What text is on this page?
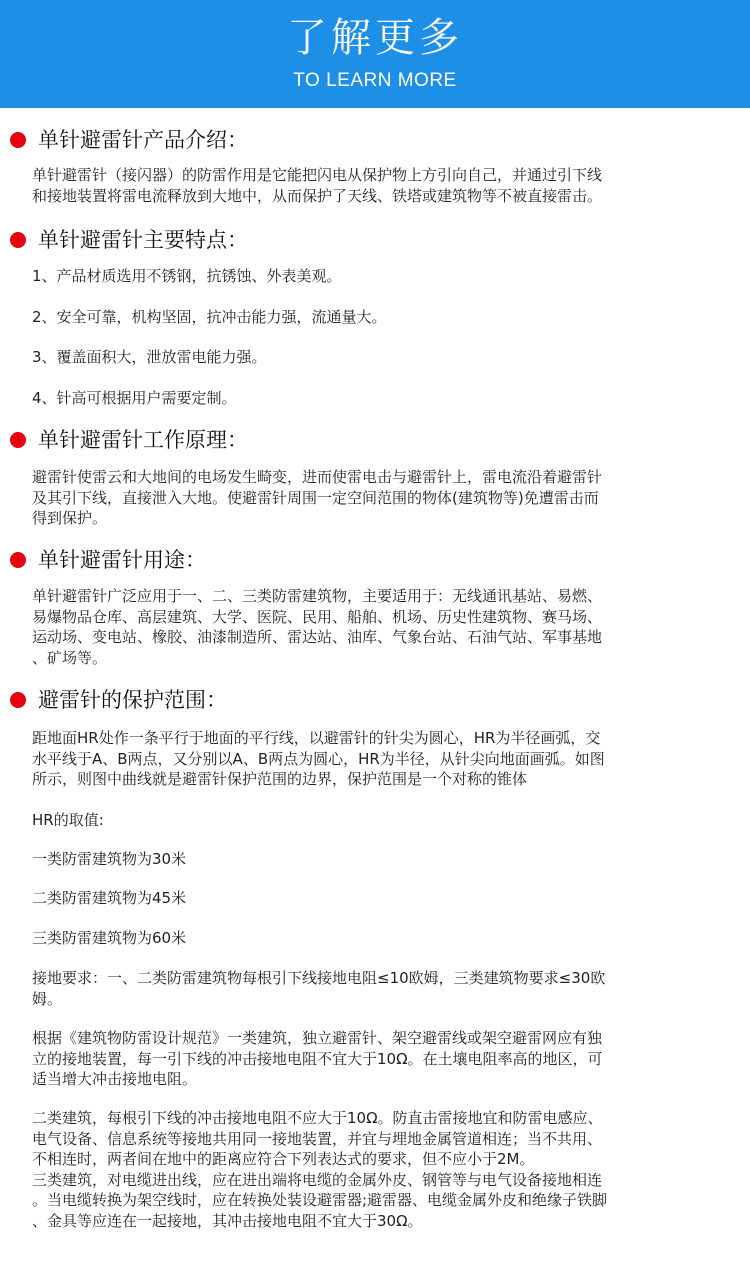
了解更多
TO LEARN MORE
单针避雷针产品介绍：

单针避雷针（接闪器）的防雷作用是它能把闪电从保护物上方引向自己，并通过引下线
和接地装置将雷电流释放到大地中，从而保护了天线、铁塔或建筑物等不被直接雷击。

单针避雷针主要特点：

1、产品材质选用不锈钢，抗锈蚀、外表美观。

2、安全可靠，机构坚固，抗冲击能力强，流通量大。

3、覆盖面积大，泄放雷电能力强。

4、针高可根据用户需要定制。

单针避雷针工作原理：

避雷针使雷云和大地间的电场发生畸变，进而使雷电击与避雷针上，雷电流沿着避雷针
及其引下线，直接泄入大地。使避雷针周围一定空间范围的物体(建筑物等)免遭雷击而
得到保护。

单针避雷针用途：

单针避雷针广泛应用于一、二、三类防雷建筑物，主要适用于：无线通讯基站、易燃、
易爆物品仓库、高层建筑、大学、医院、民用、船舶、机场、历史性建筑物、赛马场、
运动场、变电站、橡胶、油漆制造所、雷达站、油库、气象台站、石油气站、军事基地
、矿场等。

避雷针的保护范围：

距地面HR处作一条平行于地面的平行线，以避雷针的针尖为圆心，HR为半径画弧，交
水平线于A、B两点，又分别以A、B两点为圆心，HR为半径，从针尖向地面画弧。如图
所示，则图中曲线就是避雷针保护范围的边界，保护范围是一个对称的锥体

HR的取值:

一类防雷建筑物为30米

二类防雷建筑物为45米

三类防雷建筑物为60米

接地要求：一、二类防雷建筑物每根引下线接地电阻≤10欧姆，三类建筑物要求≤30欧
姆。

根据《建筑物防雷设计规范》一类建筑，独立避雷针、架空避雷线或架空避雷网应有独
立的接地装置，每一引下线的冲击接地电阻不宜大于10Ω。在土壤电阻率高的地区，可
适当增大冲击接地电阻。

二类建筑，每根引下线的冲击接地电阻不应大于10Ω。防直击雷接地宜和防雷电感应、
电气设备、信息系统等接地共用同一接地装置，并宜与埋地金属管道相连；当不共用、
不相连时，两者间在地中的距离应符合下列表达式的要求，但不应小于2M。
三类建筑，对电缆进出线，应在进出端将电缆的金属外皮、钢管等与电气设备接地相连
。当电缆转换为架空线时，应在转换处装设避雷器;避雷器、电缆金属外皮和绝缘子铁脚
、金具等应连在一起接地，其冲击接地电阻不宜大于30Ω。
